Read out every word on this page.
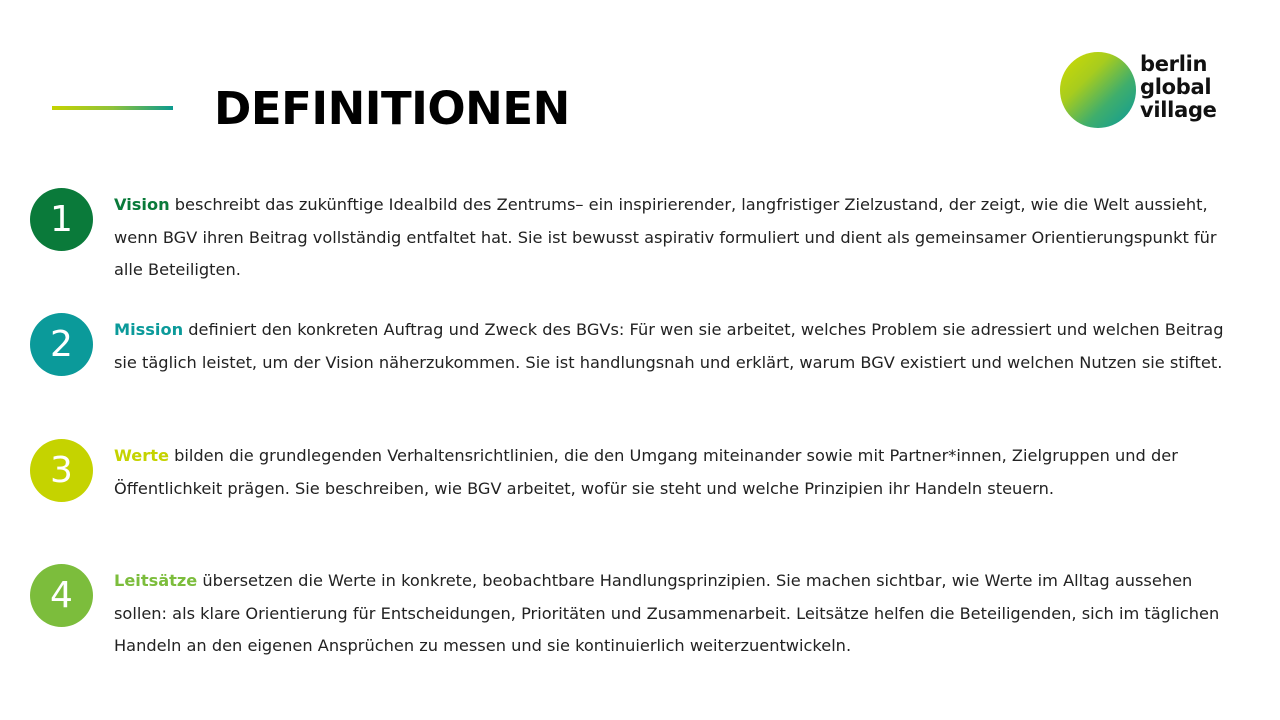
DEFINITIONEN
berlin
global
village
1	Vision beschreibt das zukünftige Idealbild des Zentrums– ein inspirierender, langfristiger Zielzustand, der zeigt, wie die Welt aussieht, wenn BGV ihren Beitrag vollständig entfaltet hat. Sie ist bewusst aspirativ formuliert und dient als gemeinsamer Orientierungspunkt für alle Beteiligten.
2	Mission definiert den konkreten Auftrag und Zweck des BGVs: Für wen sie arbeitet, welches Problem sie adressiert und welchen Beitrag sie täglich leistet, um der Vision näherzukommen. Sie ist handlungsnah und erklärt, warum BGV existiert und welchen Nutzen sie stiftet.
3	Werte bilden die grundlegenden Verhaltensrichtlinien, die den Umgang miteinander sowie mit Partner*innen, Zielgruppen und der Öffentlichkeit prägen. Sie beschreiben, wie BGV arbeitet, wofür sie steht und welche Prinzipien ihr Handeln steuern.
4	Leitsätze übersetzen die Werte in konkrete, beobachtbare Handlungsprinzipien. Sie machen sichtbar, wie Werte im Alltag aussehen sollen: als klare Orientierung für Entscheidungen, Prioritäten und Zusammenarbeit. Leitsätze helfen die Beteiligenden, sich im täglichen Handeln an den eigenen Ansprüchen zu messen und sie kontinuierlich weiterzuentwickeln.
